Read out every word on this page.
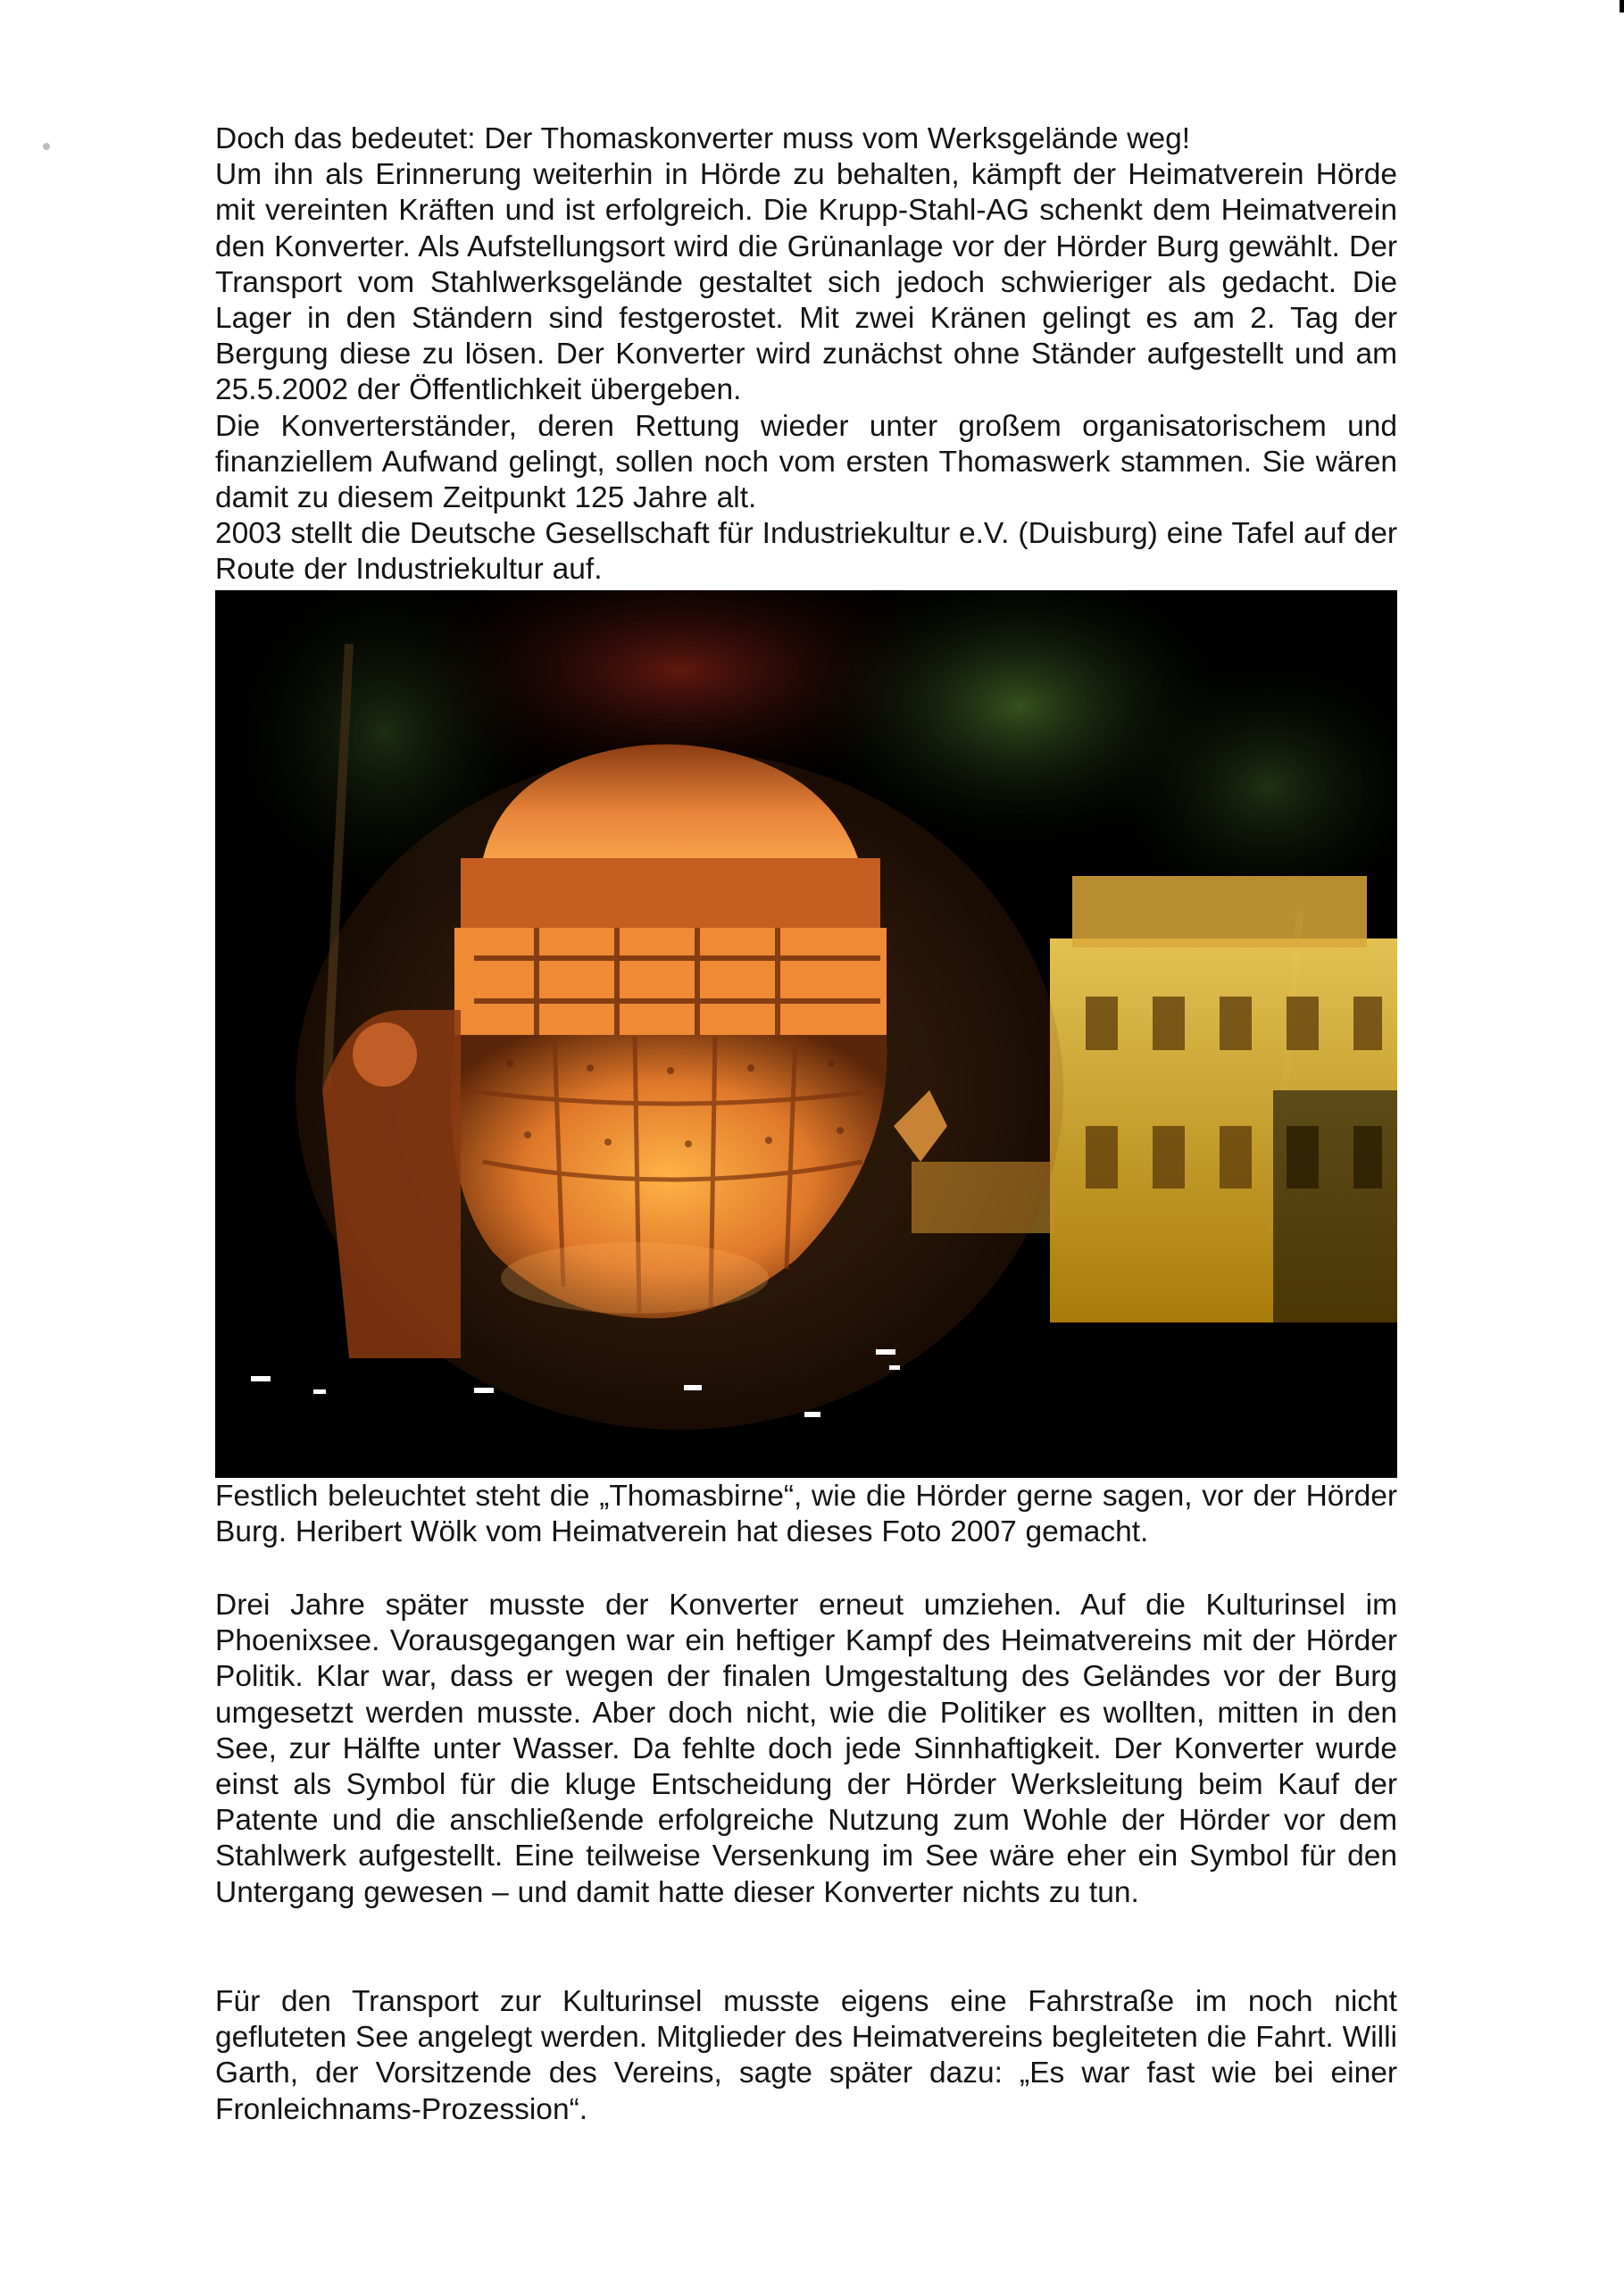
Doch das bedeutet: Der Thomaskonverter muss vom Werksgelände weg!

Um ihn als Erinnerung weiterhin in Hörde zu behalten, kämpft der Heimatverein Hörde mit vereinten Kräften und ist erfolgreich. Die Krupp-Stahl-AG schenkt dem Heimatverein den Konverter. Als Aufstellungsort wird die Grünanlage vor der Hörder Burg gewählt. Der Transport vom Stahlwerksgelände gestaltet sich jedoch schwieriger als gedacht. Die Lager in den Ständern sind festgerostet. Mit zwei Kränen gelingt es am 2. Tag der Bergung diese zu lösen. Der Konverter wird zunächst ohne Ständer aufgestellt und am 25.5.2002 der Öffentlichkeit übergeben.

Die Konverterständer, deren Rettung wieder unter großem organisatorischem und finanziellem Aufwand gelingt, sollen noch vom ersten Thomaswerk stammen. Sie wären damit zu diesem Zeitpunkt 125 Jahre alt.

2003 stellt die Deutsche Gesellschaft für Industriekultur e.V. (Duisburg) eine Tafel auf der Route der Industriekultur auf.

Festlich beleuchtet steht die „Thomasbirne“, wie die Hörder gerne sagen, vor der Hörder Burg. Heribert Wölk vom Heimatverein hat dieses Foto 2007 gemacht.

Drei Jahre später musste der Konverter erneut umziehen. Auf die Kulturinsel im Phoenixsee. Vorausgegangen war ein heftiger Kampf des Heimatvereins mit der Hörder Politik. Klar war, dass er wegen der finalen Umgestaltung des Geländes vor der Burg umgesetzt werden musste. Aber doch nicht, wie die Politiker es wollten, mitten in den See, zur Hälfte unter Wasser. Da fehlte doch jede Sinnhaftigkeit. Der Konverter wurde einst als Symbol für die kluge Entscheidung der Hörder Werksleitung beim Kauf der Patente und die anschließende erfolgreiche Nutzung zum Wohle der Hörder vor dem Stahlwerk aufgestellt. Eine teilweise Versenkung im See wäre eher ein Symbol für den Untergang gewesen – und damit hatte dieser Konverter nichts zu tun.

Für den Transport zur Kulturinsel musste eigens eine Fahrstraße im noch nicht gefluteten See angelegt werden. Mitglieder des Heimatvereins begleiteten die Fahrt. Willi Garth, der Vorsitzende des Vereins, sagte später dazu: „Es war fast wie bei einer Fronleichnams-Prozession“.
